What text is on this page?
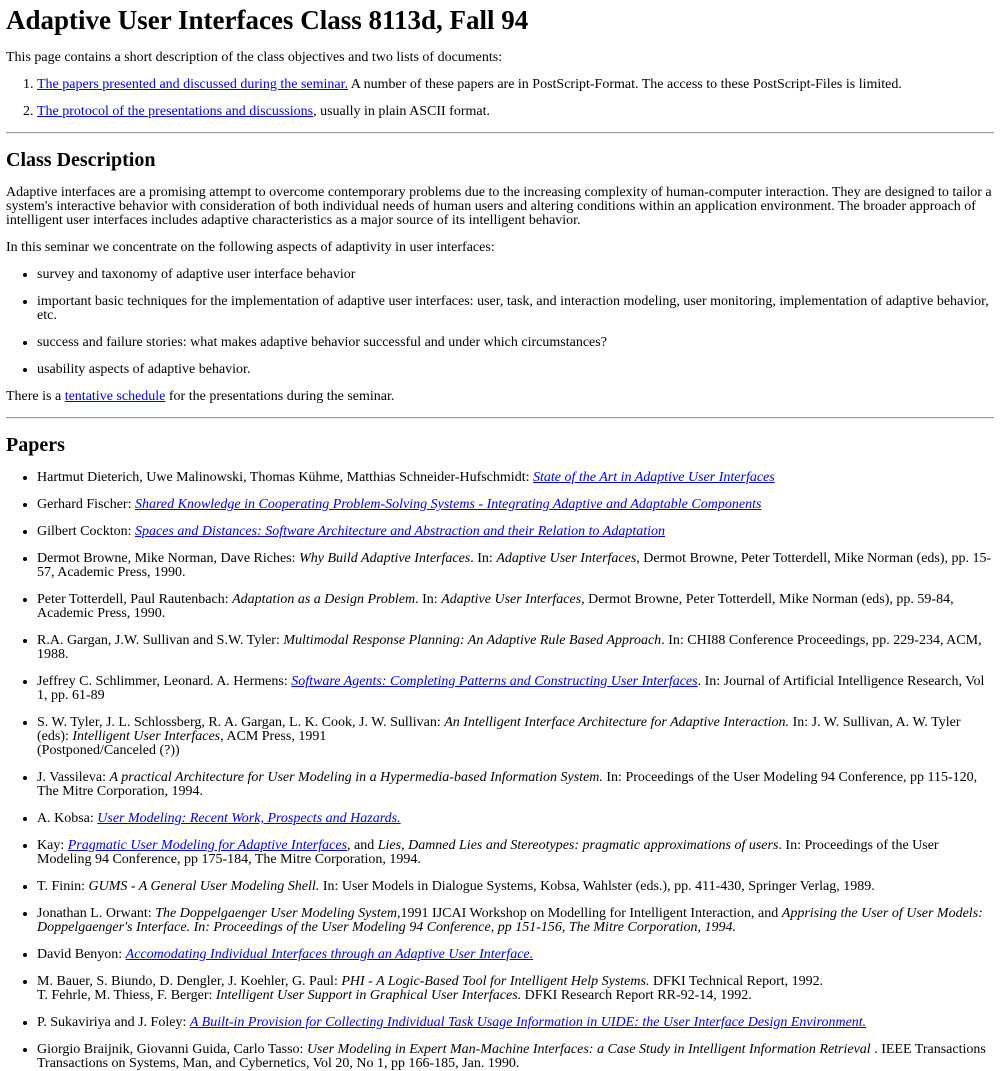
Adaptive User Interfaces Class 8113d, Fall 94

This page contains a short description of the class objectives and two lists of documents:

1. The papers presented and discussed during the seminar. A number of these papers are in PostScript-Format. The access to these PostScript-Files is limited.
2. The protocol of the presentations and discussions, usually in plain ASCII format.
Class Description

Adaptive interfaces are a promising attempt to overcome contemporary problems due to the increasing complexity of human-computer interaction. They are designed to tailor a system's interactive behavior with consideration of both individual needs of human users and altering conditions within an application environment. The broader approach of intelligent user interfaces includes adaptive characteristics as a major source of its intelligent behavior.

In this seminar we concentrate on the following aspects of adaptivity in user interfaces:

• survey and taxonomy of adaptive user interface behavior
• important basic techniques for the implementation of adaptive user interfaces: user, task, and interaction modeling, user monitoring, implementation of adaptive behavior, etc.
• success and failure stories: what makes adaptive behavior successful and under which circumstances?
• usability aspects of adaptive behavior.

There is a tentative schedule for the presentations during the seminar.

Papers
• Hartmut Dieterich, Uwe Malinowski, Thomas Kühme, Matthias Schneider-Hufschmidt: State of the Art in Adaptive User Interfaces
• Gerhard Fischer: Shared Knowledge in Cooperating Problem-Solving Systems - Integrating Adaptive and Adaptable Components
• Gilbert Cockton: Spaces and Distances: Software Architecture and Abstraction and their Relation to Adaptation
• Dermot Browne, Mike Norman, Dave Riches: Why Build Adaptive Interfaces. In: Adaptive User Interfaces, Dermot Browne, Peter Totterdell, Mike Norman (eds), pp. 15-57, Academic Press, 1990.
• Peter Totterdell, Paul Rautenbach: Adaptation as a Design Problem. In: Adaptive User Interfaces, Dermot Browne, Peter Totterdell, Mike Norman (eds), pp. 59-84, Academic Press, 1990.
• R.A. Gargan, J.W. Sullivan and S.W. Tyler: Multimodal Response Planning: An Adaptive Rule Based Approach. In: CHI88 Conference Proceedings, pp. 229-234, ACM, 1988.
• Jeffrey C. Schlimmer, Leonard. A. Hermens: Software Agents: Completing Patterns and Constructing User Interfaces. In: Journal of Artificial Intelligence Research, Vol 1, pp. 61-89
• S. W. Tyler, J. L. Schlossberg, R. A. Gargan, L. K. Cook, J. W. Sullivan: An Intelligent Interface Architecture for Adaptive Interaction. In: J. W. Sullivan, A. W. Tyler (eds): Intelligent User Interfaces, ACM Press, 1991
(Postponed/Canceled (?))
• J. Vassileva: A practical Architecture for User Modeling in a Hypermedia-based Information System. In: Proceedings of the User Modeling 94 Conference, pp 115-120, The Mitre Corporation, 1994.
• A. Kobsa: User Modeling: Recent Work, Prospects and Hazards.
• Kay: Pragmatic User Modeling for Adaptive Interfaces, and Lies, Damned Lies and Stereotypes: pragmatic approximations of users. In: Proceedings of the User Modeling 94 Conference, pp 175-184, The Mitre Corporation, 1994.
• T. Finin: GUMS - A General User Modeling Shell. In: User Models in Dialogue Systems, Kobsa, Wahlster (eds.), pp. 411-430, Springer Verlag, 1989.
• Jonathan L. Orwant: The Doppelgaenger User Modeling System,1991 IJCAI Workshop on Modelling for Intelligent Interaction, and Apprising the User of User Models: Doppelgaenger's Interface. In: Proceedings of the User Modeling 94 Conference, pp 151-156, The Mitre Corporation, 1994.
• David Benyon: Accomodating Individual Interfaces through an Adaptive User Interface.
• M. Bauer, S. Biundo, D. Dengler, J. Koehler, G. Paul: PHI - A Logic-Based Tool for Intelligent Help Systems. DFKI Technical Report, 1992.
T. Fehrle, M. Thiess, F. Berger: Intelligent User Support in Graphical User Interfaces. DFKI Research Report RR-92-14, 1992.
• P. Sukaviriya and J. Foley: A Built-in Provision for Collecting Individual Task Usage Information in UIDE: the User Interface Design Environment.
• Giorgio Braijnik, Giovanni Guida, Carlo Tasso: User Modeling in Expert Man-Machine Interfaces: a Case Study in Intelligent Information Retrieval . IEEE Transactions Transactions on Systems, Man, and Cybernetics, Vol 20, No 1, pp 166-185, Jan. 1990.
